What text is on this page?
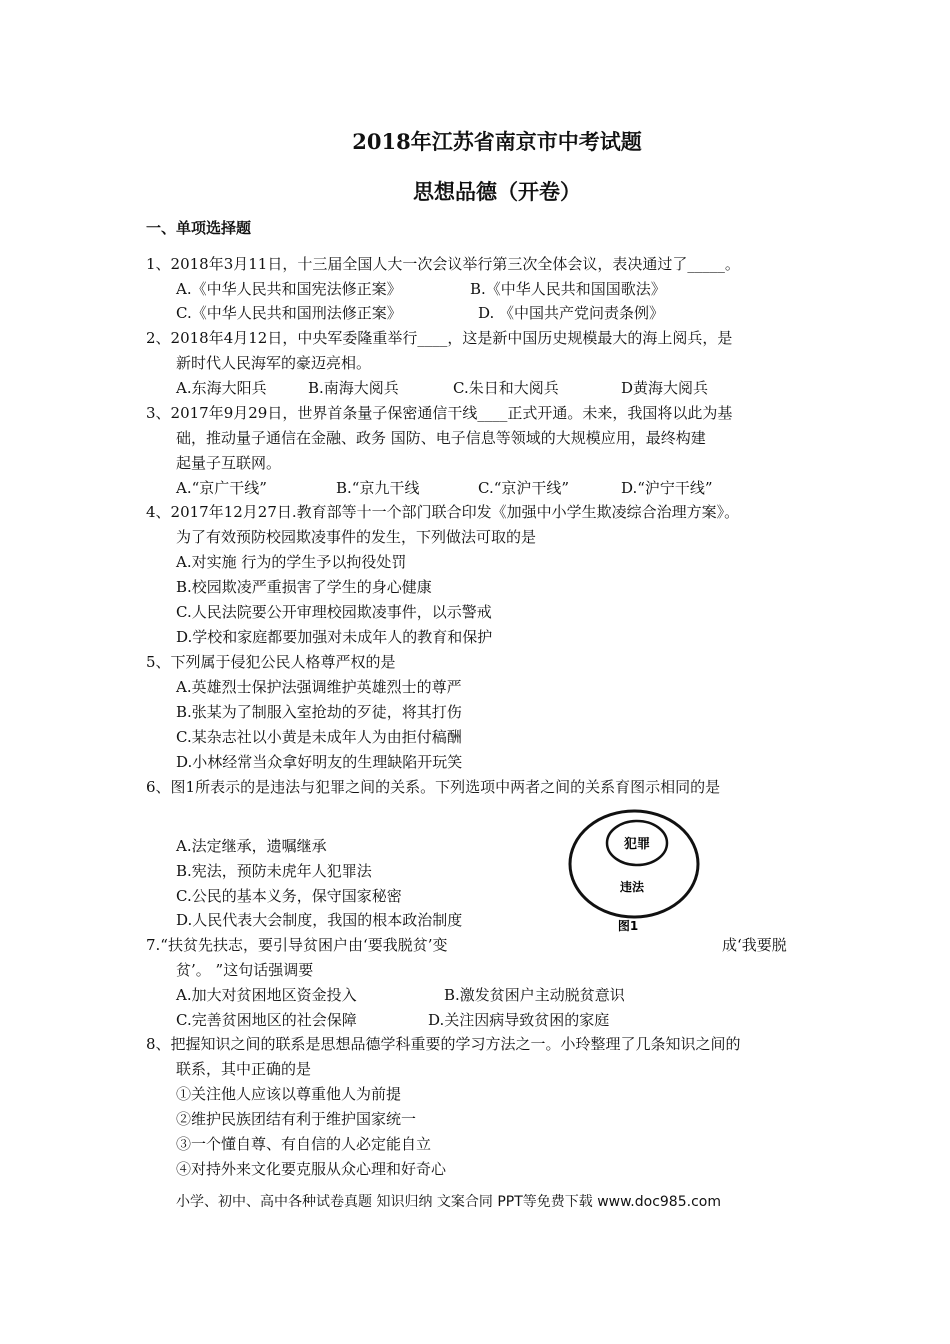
2018年江苏省南京市中考试题
思想品德（开卷）
一、单项选择题
1、2018年3月11日，十三届全国人大一次会议举行第三次全体会议，表决通过了_____。
A.《中华人民共和国宪法修正案》	B.《中华人民共和国国歌法》
C.《中华人民共和国刑法修正案》	D. 《中国共产党问责条例》
2、2018年4月12日，中央军委隆重举行____，这是新中国历史规模最大的海上阅兵，是
新时代人民海军的豪迈亮相。
A.东海大阳兵	B.南海大阅兵	C.朱日和大阅兵	D黄海大阅兵
3、2017年9月29日，世界首条量子保密通信干线____正式开通。未来，我国将以此为基
础，推动量子通信在金融、政务 国防、电子信息等领域的大规模应用，最终构建
起量子互联网。
A.“京广干线”	B.“京九干线	C.“京沪干线”	D.“沪宁干线”
4、2017年12月27日.教育部等十一个部门联合印发《加强中小学生欺凌综合治理方案》。
为了有效预防校园欺凌事件的发生，下列做法可取的是
A.对实施 行为的学生予以拘役处罚
B.校园欺凌严重损害了学生的身心健康
C.人民法院要公开审理校园欺凌事件，以示警戒
D.学校和家庭都要加强对未成年人的教育和保护
5、下列属于侵犯公民人格尊严权的是
A.英雄烈士保护法强调维护英雄烈士的尊严
B.张某为了制服入室抢劫的歹徒，将其打伤
C.某杂志社以小黄是未成年人为由拒付稿酬
D.小林经常当众拿好明友的生理缺陷开玩笑
6、图1所表示的是违法与犯罪之间的关系。下列选项中两者之间的关系育图示相同的是
A.法定继承，遗嘱继承
B.宪法，预防未虎年人犯罪法
C.公民的基本义务，保守国家秘密
D.人民代表大会制度，我国的根本政治制度
犯罪
违法
图1
7.“扶贫先扶志，要引导贫困户由‘要我脱贫’变	成‘我要脱
贫’。 ”这句话强调要
A.加大对贫困地区资金投入	B.激发贫困户主动脱贫意识
C.完善贫困地区的社会保障	D.关注因病导致贫困的家庭
8、把握知识之间的联系是思想品德学科重要的学习方法之一。小玲整理了几条知识之间的
联系，其中正确的是
①关注他人应该以尊重他人为前提
②维护民族团结有利于维护国家统一
③一个懂自尊、有自信的人必定能自立
④对持外来文化要克服从众心理和好奇心
小学、初中、高中各种试卷真题 知识归纳 文案合同 PPT等免费下载 www.doc985.com
